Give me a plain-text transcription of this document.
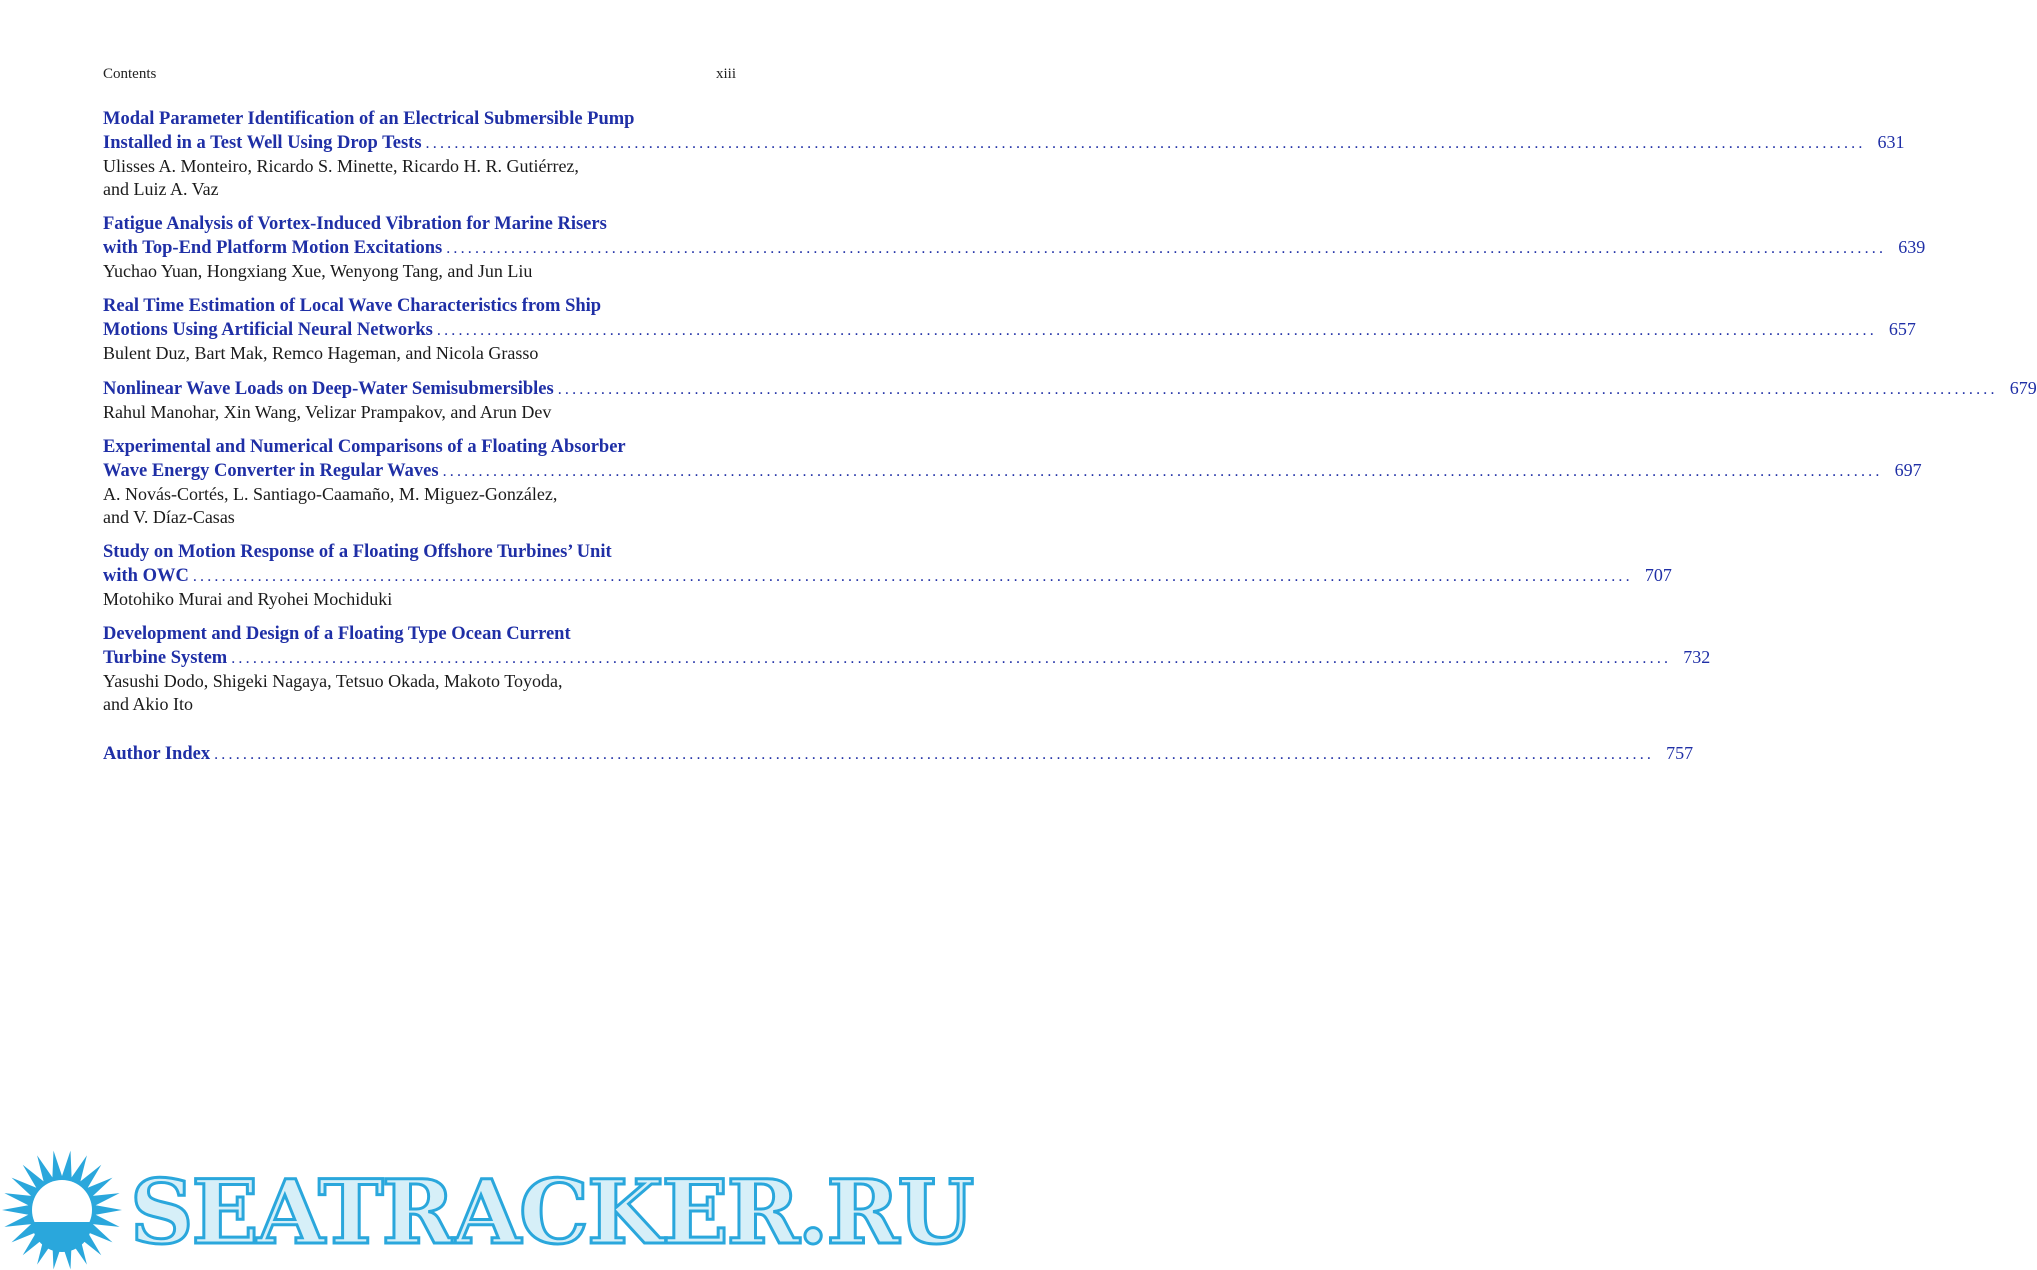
Contents	xiii
Modal Parameter Identification of an Electrical Submersible Pump
Installed in a Test Well Using Drop Tests ........................................................................................................................................................................................................ 631
Ulisses A. Monteiro, Ricardo S. Minette, Ricardo H. R. Gutiérrez,
and Luiz A. Vaz
Fatigue Analysis of Vortex-Induced Vibration for Marine Risers
with Top-End Platform Motion Excitations ........................................................................................................................................................................................................ 639
Yuchao Yuan, Hongxiang Xue, Wenyong Tang, and Jun Liu
Real Time Estimation of Local Wave Characteristics from Ship
Motions Using Artificial Neural Networks ........................................................................................................................................................................................................ 657
Bulent Duz, Bart Mak, Remco Hageman, and Nicola Grasso
Nonlinear Wave Loads on Deep-Water Semisubmersibles ........................................................................................................................................................................................................ 679
Rahul Manohar, Xin Wang, Velizar Prampakov, and Arun Dev
Experimental and Numerical Comparisons of a Floating Absorber
Wave Energy Converter in Regular Waves ........................................................................................................................................................................................................ 697
A. Novás-Cortés, L. Santiago-Caamaño, M. Miguez-González,
and V. Díaz-Casas
Study on Motion Response of a Floating Offshore Turbines’ Unit
with OWC ........................................................................................................................................................................................................ 707
Motohiko Murai and Ryohei Mochiduki
Development and Design of a Floating Type Ocean Current
Turbine System ........................................................................................................................................................................................................ 732
Yasushi Dodo, Shigeki Nagaya, Tetsuo Okada, Makoto Toyoda,
and Akio Ito
Author Index ........................................................................................................................................................................................................ 757
SEATRACKER.RU
